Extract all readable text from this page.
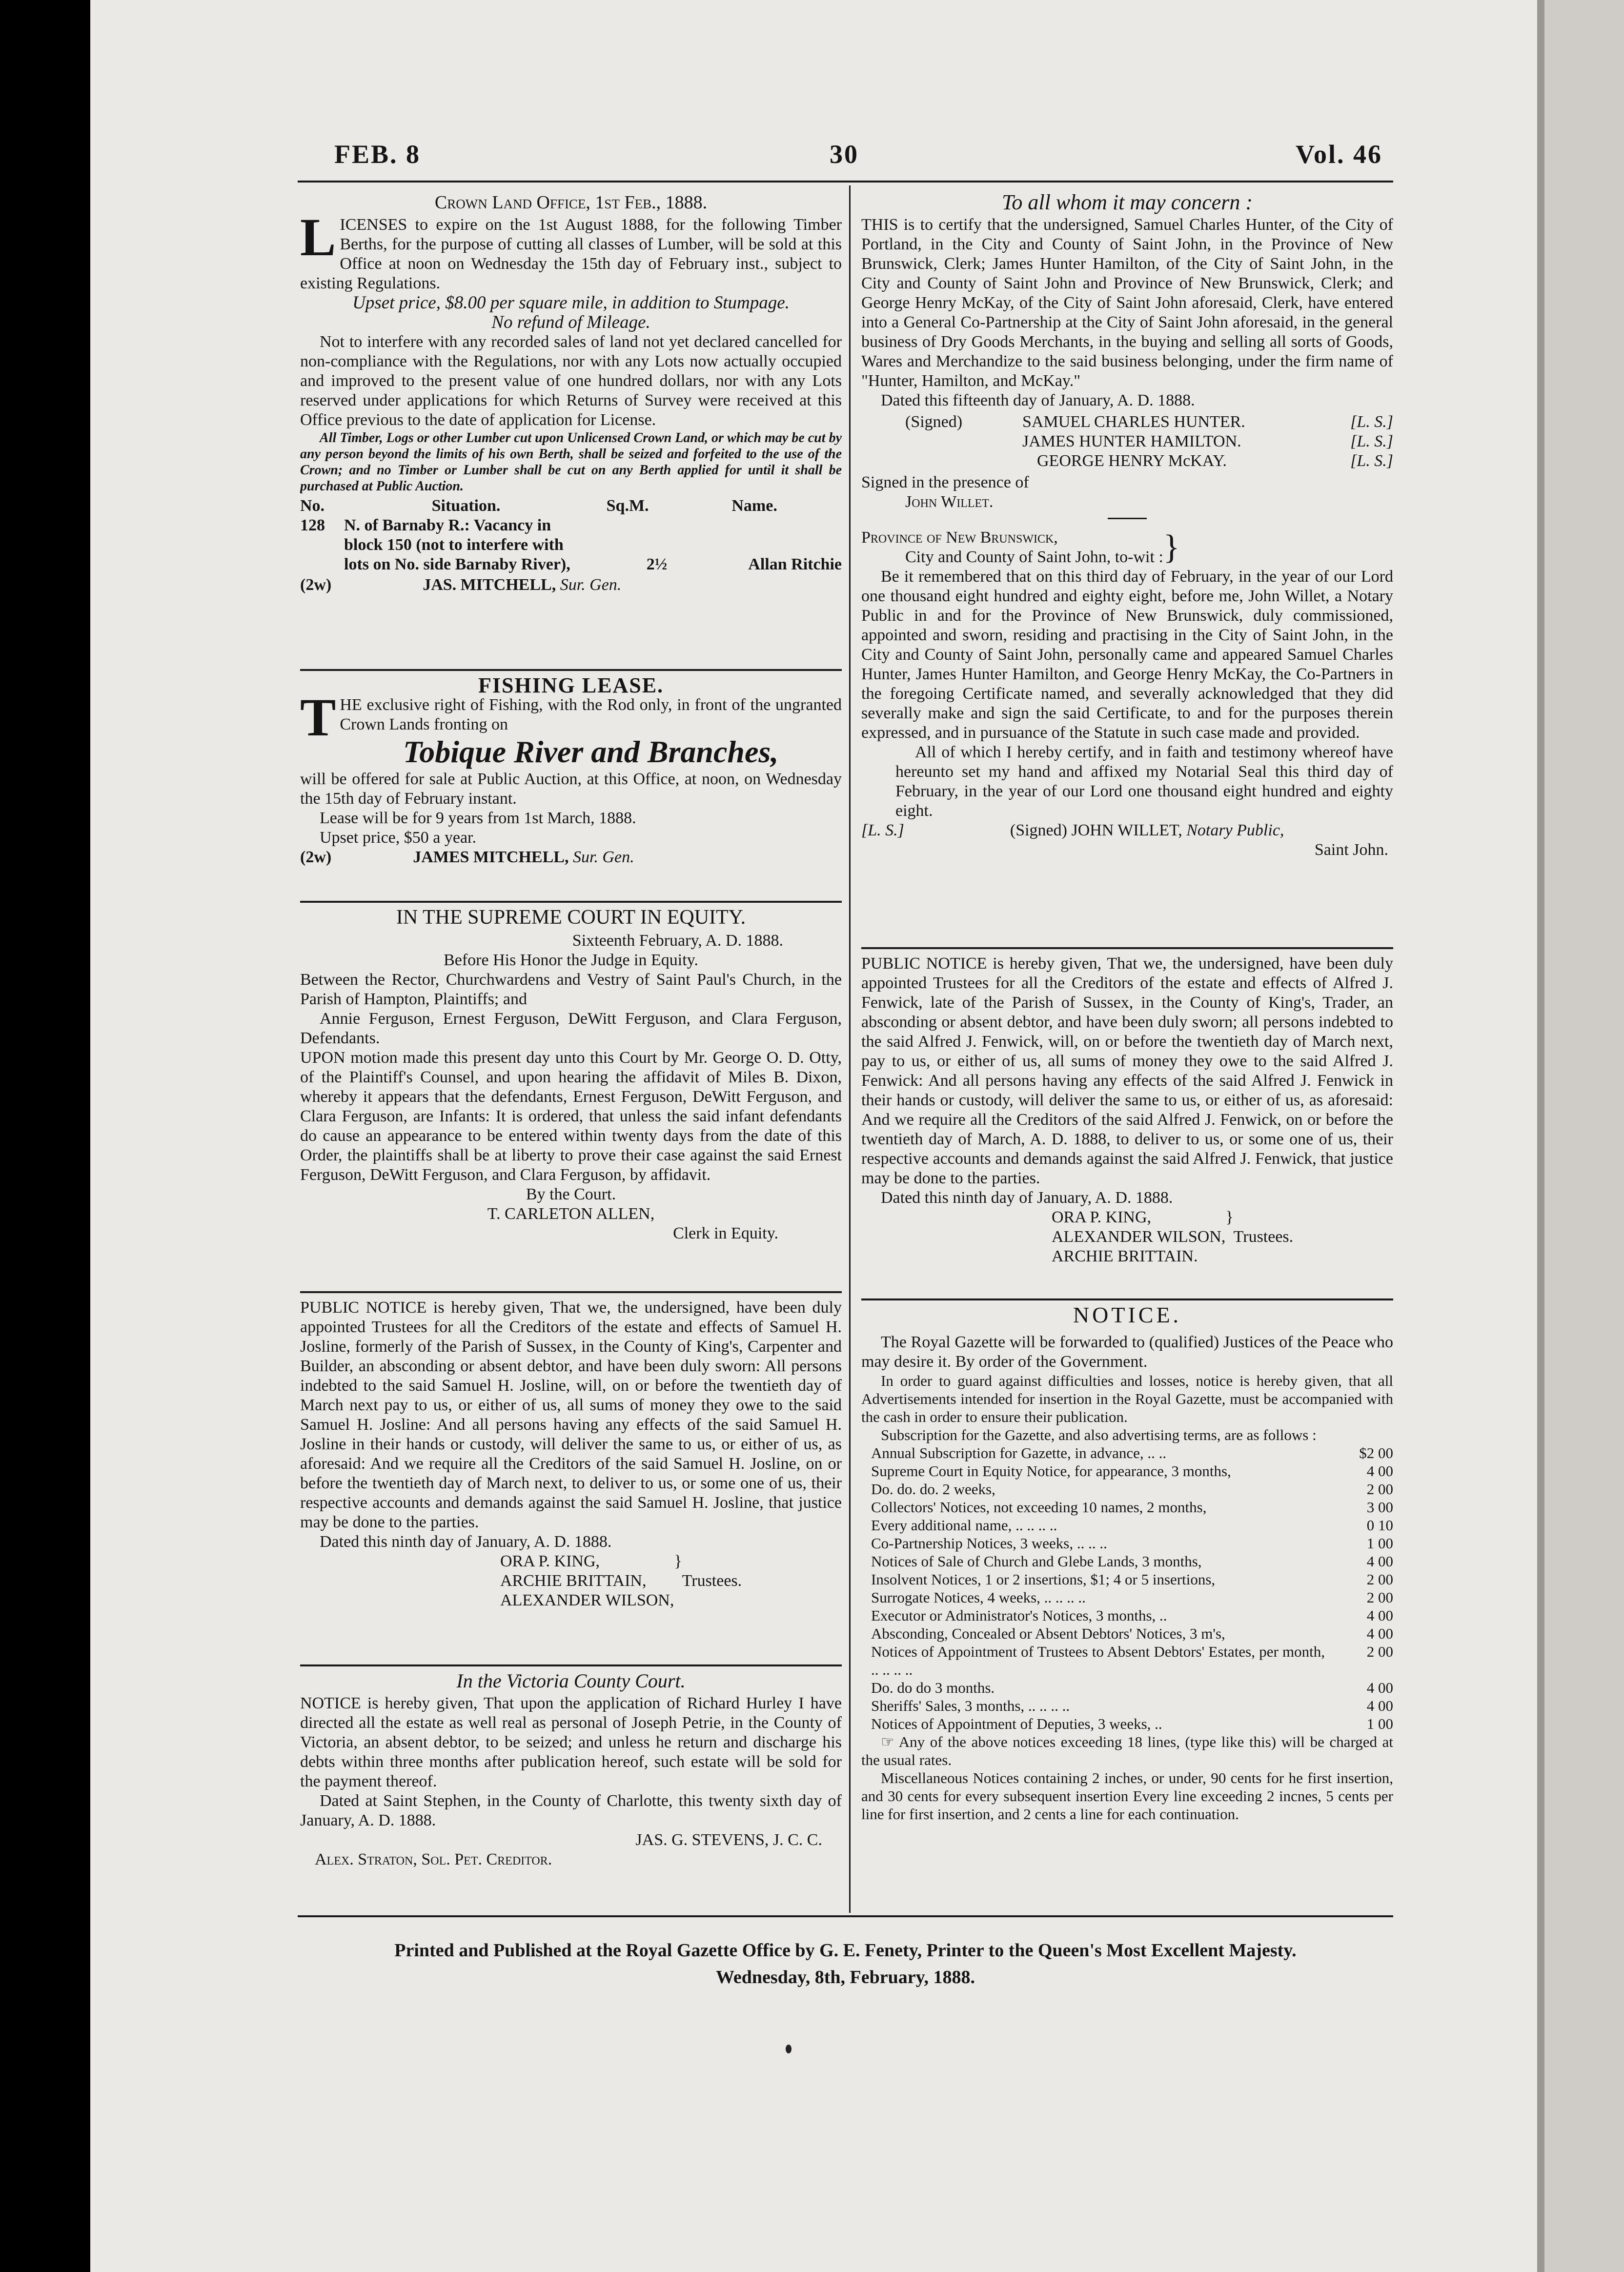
FEB. 8	30	Vol. 46

Crown Land Office, 1st Feb., 1888.

LICENSES to expire on the 1st August 1888, for the following Timber Berths, for the purpose of cutting all classes of Lumber, will be sold at this Office at noon on Wednesday the 15th day of February inst., subject to existing Regulations.

Upset price, $8.00 per square mile, in addition to Stumpage.

No refund of Mileage.

Not to interfere with any recorded sales of land not yet declared cancelled for non-compliance with the Regulations, nor with any Lots now actually occupied and improved to the present value of one hundred dollars, nor with any Lots reserved under applications for which Returns of Survey were received at this Office previous to the date of application for License.

All Timber, Logs or other Lumber cut upon Unlicensed Crown Land, or which may be cut by any person beyond the limits of his own Berth, shall be seized and forfeited to the use of the Crown; and no Timber or Lumber shall be cut on any Berth applied for until it shall be purchased at Public Auction.

No.	Situation.	Sq.M.	Name.
128	N. of Barnaby R.: Vacancy in block 150 (not to interfere with lots on No. side Barnaby River),	2½	Allan Ritchie

(2w)	JAS. MITCHELL, Sur. Gen.

FISHING LEASE.

THE exclusive right of Fishing, with the Rod only, in front of the ungranted Crown Lands fronting on

Tobique River and Branches,

will be offered for sale at Public Auction, at this Office, at noon, on Wednesday the 15th day of February instant.

Lease will be for 9 years from 1st March, 1888.

Upset price, $50 a year.

(2w)	JAMES MITCHELL, Sur. Gen.

IN THE SUPREME COURT IN EQUITY.

Sixteenth February, A. D. 1888.

Before His Honor the Judge in Equity.

Between the Rector, Churchwardens and Vestry of Saint Paul's Church, in the Parish of Hampton, Plaintiffs; and

Annie Ferguson, Ernest Ferguson, DeWitt Ferguson, and Clara Ferguson, Defendants.

UPON motion made this present day unto this Court by Mr. George O. D. Otty, of the Plaintiff's Counsel, and upon hearing the affidavit of Miles B. Dixon, whereby it appears that the defendants, Ernest Ferguson, DeWitt Ferguson, and Clara Ferguson, are Infants: It is ordered, that unless the said infant defendants do cause an appearance to be entered within twenty days from the date of this Order, the plaintiffs shall be at liberty to prove their case against the said Ernest Ferguson, DeWitt Ferguson, and Clara Ferguson, by affidavit.

By the Court.

T. CARLETON ALLEN,

Clerk in Equity.

PUBLIC NOTICE is hereby given, That we, the undersigned, have been duly appointed Trustees for all the Creditors of the estate and effects of Samuel H. Josline, formerly of the Parish of Sussex, in the County of King's, Carpenter and Builder, an absconding or absent debtor, and have been duly sworn: All persons indebted to the said Samuel H. Josline, will, on or before the twentieth day of March next pay to us, or either of us, all sums of money they owe to the said Samuel H. Josline: And all persons having any effects of the said Samuel H. Josline in their hands or custody, will deliver the same to us, or either of us, as aforesaid: And we require all the Creditors of the said Samuel H. Josline, on or before the twentieth day of March next, to deliver to us, or some one of us, their respective accounts and demands against the said Samuel H. Josline, that justice may be done to the parties.

Dated this ninth day of January, A. D. 1888.

ORA P. KING,
ARCHIE BRITTAIN,
ALEXANDER WILSON,
	}	Trustees.

In the Victoria County Court.

NOTICE is hereby given, That upon the application of Richard Hurley I have directed all the estate as well real as personal of Joseph Petrie, in the County of Victoria, an absent debtor, to be seized; and unless he return and discharge his debts within three months after publication hereof, such estate will be sold for the payment thereof.

Dated at Saint Stephen, in the County of Charlotte, this twenty sixth day of January, A. D. 1888.

JAS. G. STEVENS, J. C. C.

Alex. Straton, Sol. Pet. Creditor.

To all whom it may concern :

THIS is to certify that the undersigned, Samuel Charles Hunter, of the City of Portland, in the City and County of Saint John, in the Province of New Brunswick, Clerk; James Hunter Hamilton, of the City of Saint John, in the City and County of Saint John and Province of New Brunswick, Clerk; and George Henry McKay, of the City of Saint John aforesaid, Clerk, have entered into a General Co-Partnership at the City of Saint John aforesaid, in the general business of Dry Goods Merchants, in the buying and selling all sorts of Goods, Wares and Merchandize to the said business belonging, under the firm name of "Hunter, Hamilton, and McKay."

Dated this fifteenth day of January, A. D. 1888.

(Signed)	SAMUEL CHARLES HUNTER.	[L. S.]
	JAMES HUNTER HAMILTON.	[L. S.]
	GEORGE HENRY McKAY.	[L. S.]

Signed in the presence of

John Willet.

Province of New Brunswick,
City and County of Saint John, to-wit :	}

Be it remembered that on this third day of February, in the year of our Lord one thousand eight hundred and eighty eight, before me, John Willet, a Notary Public in and for the Province of New Brunswick, duly commissioned, appointed and sworn, residing and practising in the City of Saint John, in the City and County of Saint John, personally came and appeared Samuel Charles Hunter, James Hunter Hamilton, and George Henry McKay, the Co-Partners in the foregoing Certificate named, and severally acknowledged that they did severally make and sign the said Certificate, to and for the purposes therein expressed, and in pursuance of the Statute in such case made and provided.

All of which I hereby certify, and in faith and testimony whereof have hereunto set my hand and affixed my Notarial Seal this third day of February, in the year of our Lord one thousand eight hundred and eighty eight.

[L. S.]	(Signed) JOHN WILLET, Notary Public,

Saint John.

PUBLIC NOTICE is hereby given, That we, the undersigned, have been duly appointed Trustees for all the Creditors of the estate and effects of Alfred J. Fenwick, late of the Parish of Sussex, in the County of King's, Trader, an absconding or absent debtor, and have been duly sworn; all persons indebted to the said Alfred J. Fenwick, will, on or before the twentieth day of March next, pay to us, or either of us, all sums of money they owe to the said Alfred J. Fenwick: And all persons having any effects of the said Alfred J. Fenwick in their hands or custody, will deliver the same to us, or either of us, as aforesaid: And we require all the Creditors of the said Alfred J. Fenwick, on or before the twentieth day of March, A. D. 1888, to deliver to us, or some one of us, their respective accounts and demands against the said Alfred J. Fenwick, that justice may be done to the parties.

Dated this ninth day of January, A. D. 1888.

ORA P. KING,
ALEXANDER WILSON,
ARCHIE BRITTAIN.
	}	Trustees.

NOTICE.

The Royal Gazette will be forwarded to (qualified) Justices of the Peace who may desire it. By order of the Government.

In order to guard against difficulties and losses, notice is hereby given, that all Advertisements intended for insertion in the Royal Gazette, must be accompanied with the cash in order to ensure their publication.

Subscription for the Gazette, and also advertising terms, are as follows :

Annual Subscription for Gazette, in advance, .. ..	$2 00
Supreme Court in Equity Notice, for appearance, 3 months,	4 00
Do. do. do. 2 weeks,	2 00
Collectors' Notices, not exceeding 10 names, 2 months,	3 00
Every additional name, .. .. .. ..	0 10
Co-Partnership Notices, 3 weeks, .. .. ..	1 00
Notices of Sale of Church and Glebe Lands, 3 months,	4 00
Insolvent Notices, 1 or 2 insertions, $1; 4 or 5 insertions,	2 00
Surrogate Notices, 4 weeks, .. .. .. ..	2 00
Executor or Administrator's Notices, 3 months, ..	4 00
Absconding, Concealed or Absent Debtors' Notices, 3 m's,	4 00
Notices of Appointment of Trustees to Absent Debtors' Estates, per month, .. .. .. ..	2 00
Do. do do 3 months.	4 00
Sheriffs' Sales, 3 months, .. .. .. ..	4 00
Notices of Appointment of Deputies, 3 weeks, ..	1 00

☞ Any of the above notices exceeding 18 lines, (type like this) will be charged at the usual rates.

Miscellaneous Notices containing 2 inches, or under, 90 cents for he first insertion, and 30 cents for every subsequent insertion Every line exceeding 2 incnes, 5 cents per line for first insertion, and 2 cents a line for each continuation.

Printed and Published at the Royal Gazette Office by G. E. Fenety, Printer to the Queen's Most Excellent Majesty.
Wednesday, 8th, February, 1888.
